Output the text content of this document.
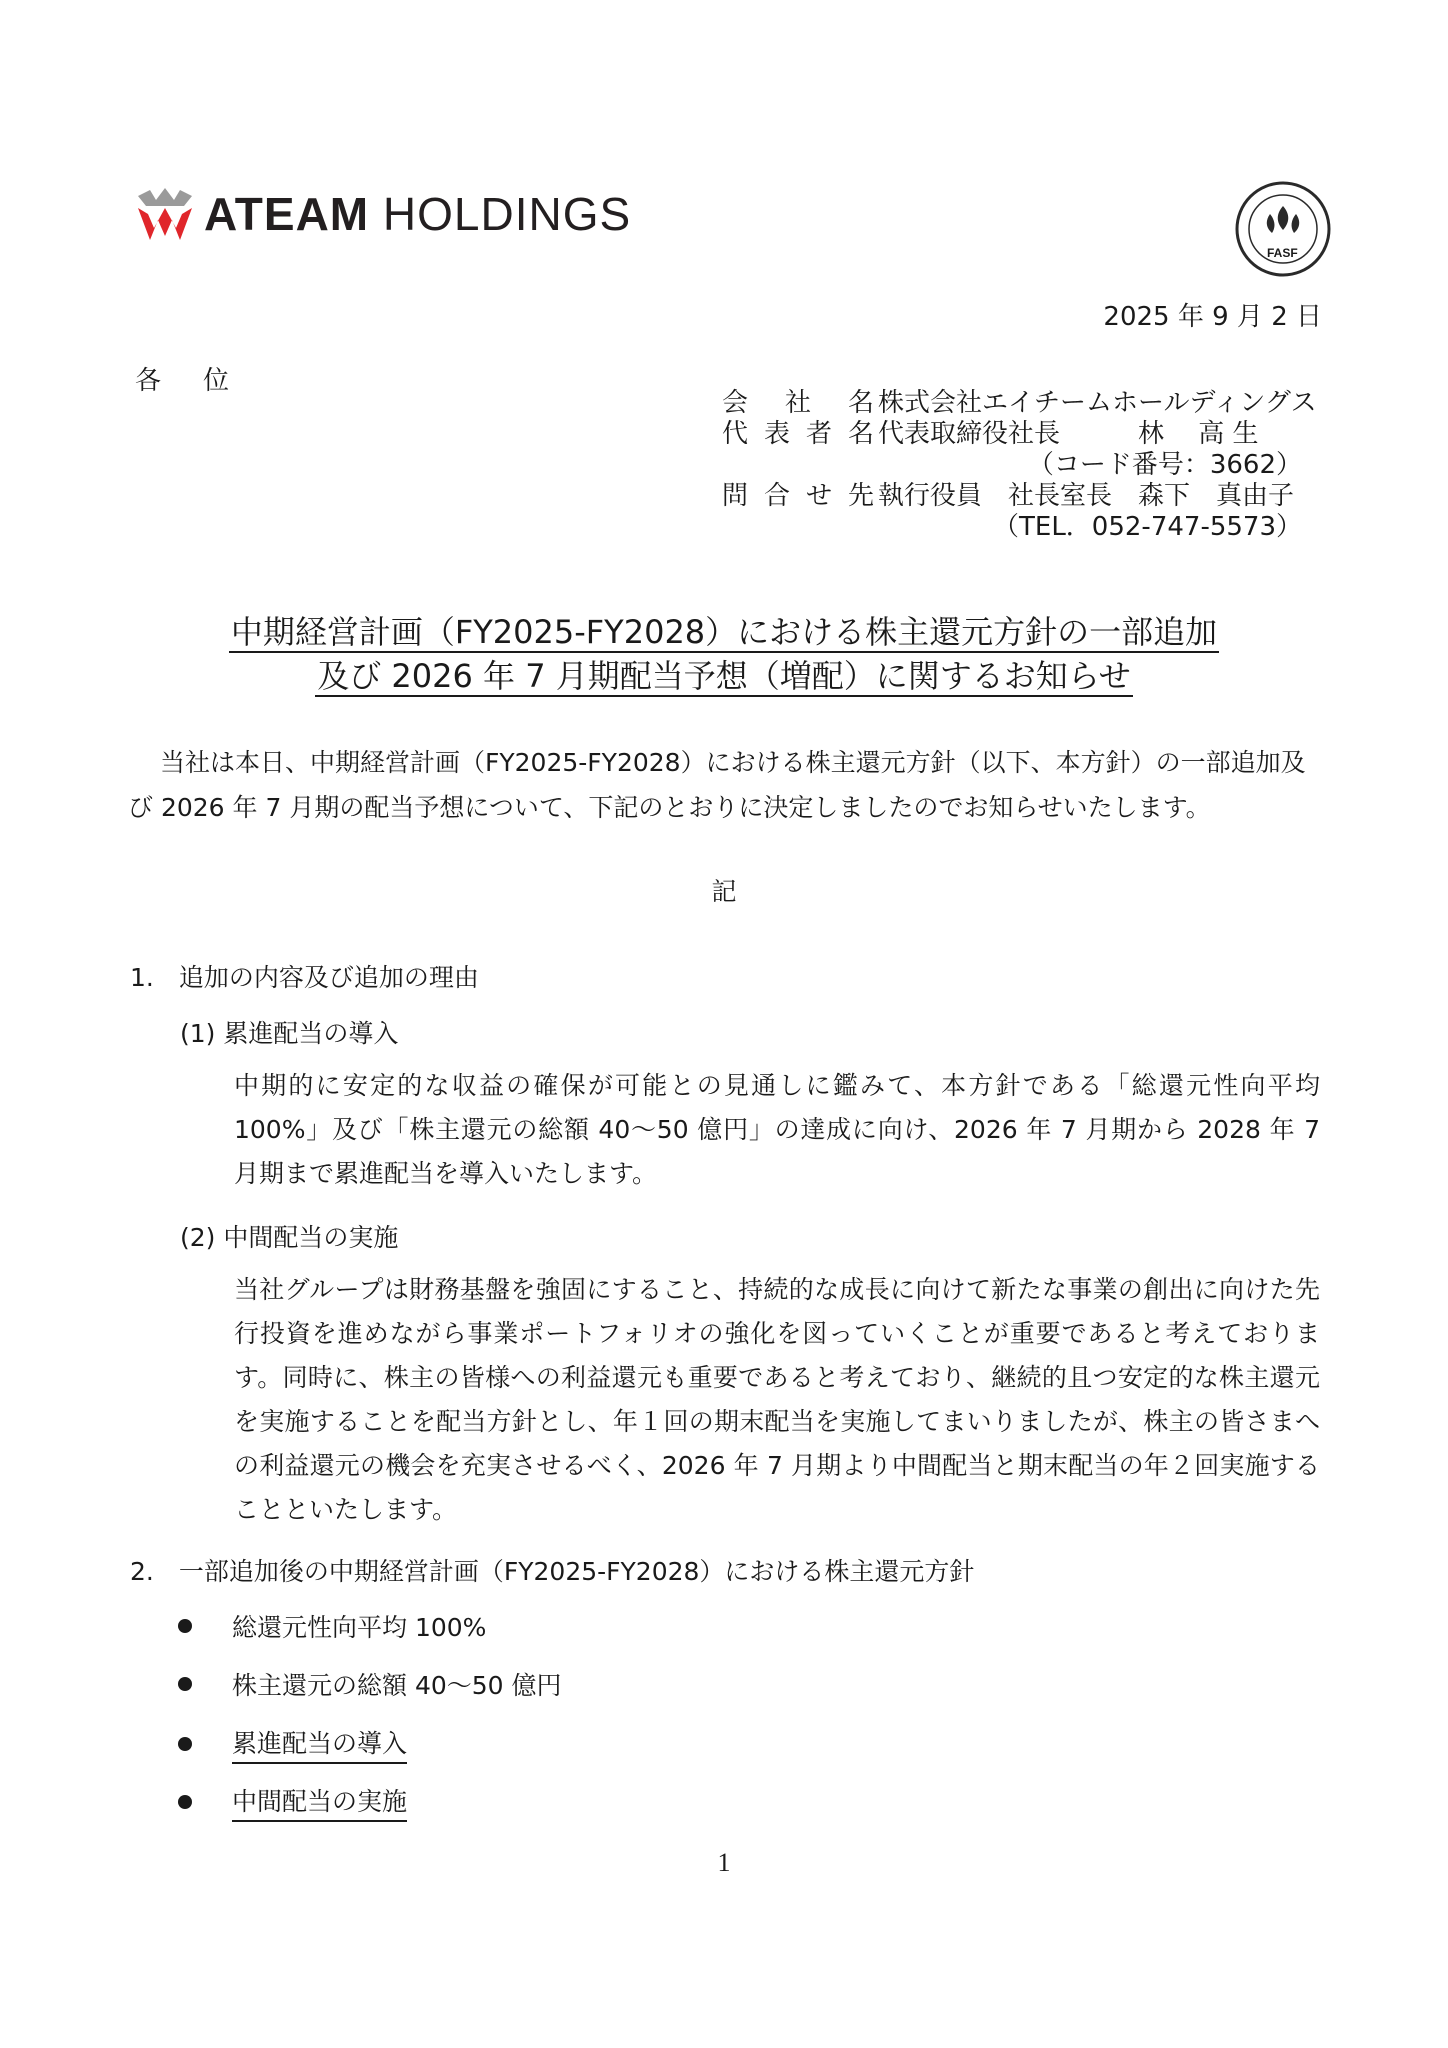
ATEAM HOLDINGS
FASF
2025 年 9 月 2 日
各位
会社名 株式会社エイチームホールディングス
代表者名 代表取締役社長　　　林　 高 生
（コード番号：3662）
問合せ先 執行役員　社長室長　森下　真由子
（TEL．052-747-5573）
中期経営計画（FY2025-FY2028）における株主還元方針の一部追加
及び 2026 年 7 月期配当予想（増配）に関するお知らせ
当社は本日、中期経営計画（FY2025-FY2028）における株主還元方針（以下、本方針）の一部追加及び 2026 年 7 月期の配当予想について、下記のとおりに決定しましたのでお知らせいたします。
記
1.　追加の内容及び追加の理由
(1) 累進配当の導入
中期的に安定的な収益の確保が可能との見通しに鑑みて、本方針である「総還元性向平均 100%」及び「株主還元の総額 40～50 億円」の達成に向け、2026 年 7 月期から 2028 年 7 月期まで累進配当を導入いたします。
(2) 中間配当の実施
当社グループは財務基盤を強固にすること、持続的な成長に向けて新たな事業の創出に向けた先行投資を進めながら事業ポートフォリオの強化を図っていくことが重要であると考えております。同時に、株主の皆様への利益還元も重要であると考えており、継続的且つ安定的な株主還元を実施することを配当方針とし、年１回の期末配当を実施してまいりましたが、株主の皆さまへの利益還元の機会を充実させるべく、2026 年 7 月期より中間配当と期末配当の年２回実施することといたします。
2.　一部追加後の中期経営計画（FY2025-FY2028）における株主還元方針
総還元性向平均 100%
株主還元の総額 40～50 億円
累進配当の導入
中間配当の実施
1
